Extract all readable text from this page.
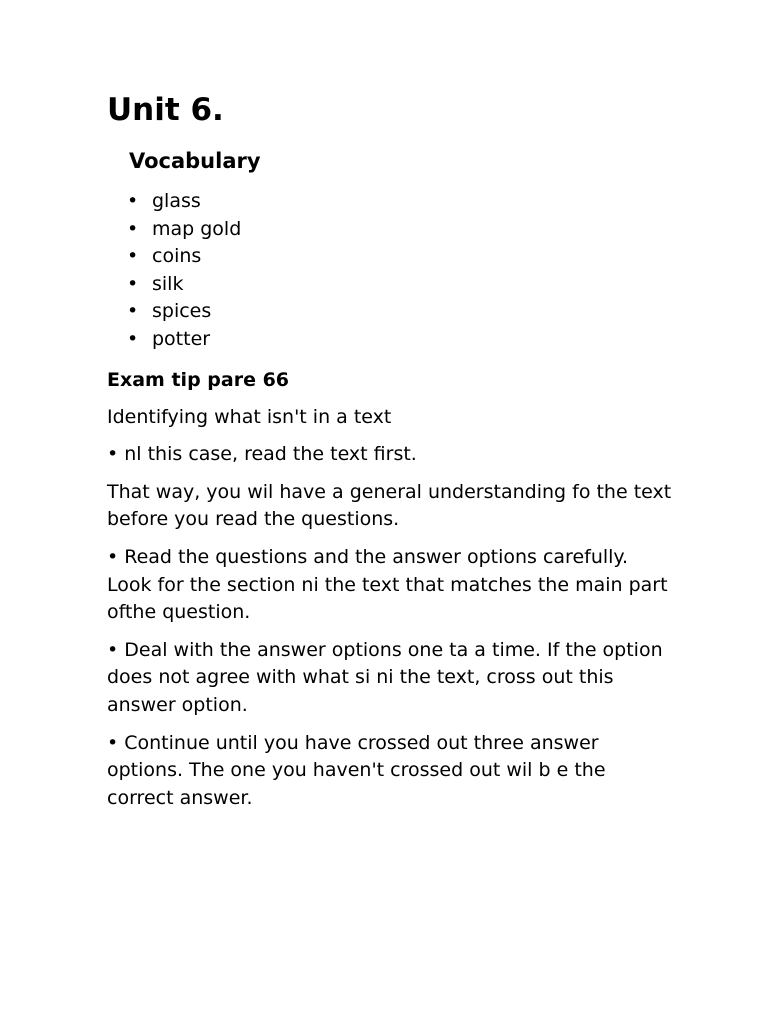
Unit 6.
Vocabulary
• glass
• map gold
• coins
• silk
• spices
• potter

Exam tip pare 66

Identifying what isn't in a text

• nl this case, read the text first.

That way, you wil have a general understanding fo the text before you read the questions.

• Read the questions and the answer options carefully. Look for the section ni the text that matches the main part ofthe question.

• Deal with the answer options one ta a time. If the option does not agree with what si ni the text, cross out this answer option.

• Continue until you have crossed out three answer options. The one you haven't crossed out wil b e the correct answer.
